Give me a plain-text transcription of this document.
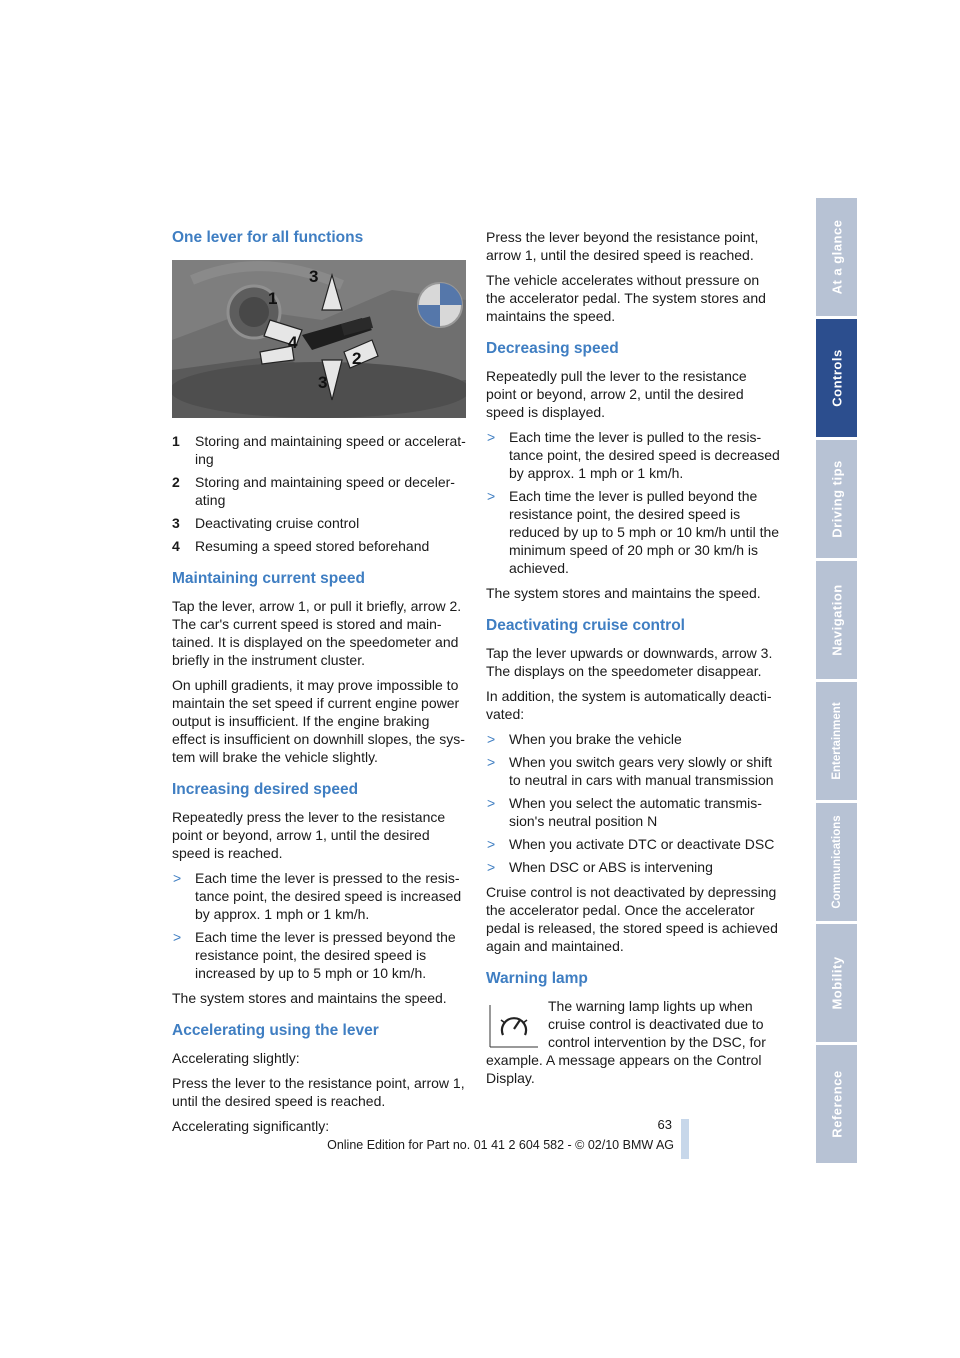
One lever for all functions
1
2
3
3
4
1 Storing and maintaining speed or accelerat-ing
2 Storing and maintaining speed or deceler-ating
3 Deactivating cruise control
4 Resuming a speed stored beforehand
Maintaining current speed

Tap the lever, arrow 1, or pull it briefly, arrow 2. The car's current speed is stored and main-tained. It is displayed on the speedometer and briefly in the instrument cluster.

On uphill gradients, it may prove impossible to maintain the set speed if current engine power output is insufficient. If the engine braking effect is insufficient on downhill slopes, the sys-tem will brake the vehicle slightly.

Increasing desired speed

Repeatedly press the lever to the resistance point or beyond, arrow 1, until the desired speed is reached.

> Each time the lever is pressed to the resis-tance point, the desired speed is increased by approx. 1 mph or 1 km/h.
> Each time the lever is pressed beyond the resistance point, the desired speed is increased by up to 5 mph or 10 km/h.

The system stores and maintains the speed.

Accelerating using the lever

Accelerating slightly:

Press the lever to the resistance point, arrow 1, until the desired speed is reached.

Accelerating significantly:

Press the lever beyond the resistance point, arrow 1, until the desired speed is reached.

The vehicle accelerates without pressure on the accelerator pedal. The system stores and maintains the speed.

Decreasing speed

Repeatedly pull the lever to the resistance point or beyond, arrow 2, until the desired speed is displayed.

> Each time the lever is pulled to the resis-tance point, the desired speed is decreased by approx. 1 mph or 1 km/h.
> Each time the lever is pulled beyond the resistance point, the desired speed is reduced by up to 5 mph or 10 km/h until the minimum speed of 20 mph or 30 km/h is achieved.

The system stores and maintains the speed.

Deactivating cruise control

Tap the lever upwards or downwards, arrow 3. The displays on the speedometer disappear.

In addition, the system is automatically deacti-vated:

> When you brake the vehicle
> When you switch gears very slowly or shift to neutral in cars with manual transmission
> When you select the automatic transmis-sion's neutral position N
> When you activate DTC or deactivate DSC
> When DSC or ABS is intervening

Cruise control is not deactivated by depressing the accelerator pedal. Once the accelerator pedal is released, the stored speed is achieved again and maintained.

Warning lamp

The warning lamp lights up when cruise control is deactivated due to control intervention by the DSC, for example. A message appears on the Control Display.

At a glance
Controls
Driving tips
Navigation
Entertainment
Communications
Mobility
Reference
63
Online Edition for Part no. 01 41 2 604 582 - © 02/10 BMW AG
